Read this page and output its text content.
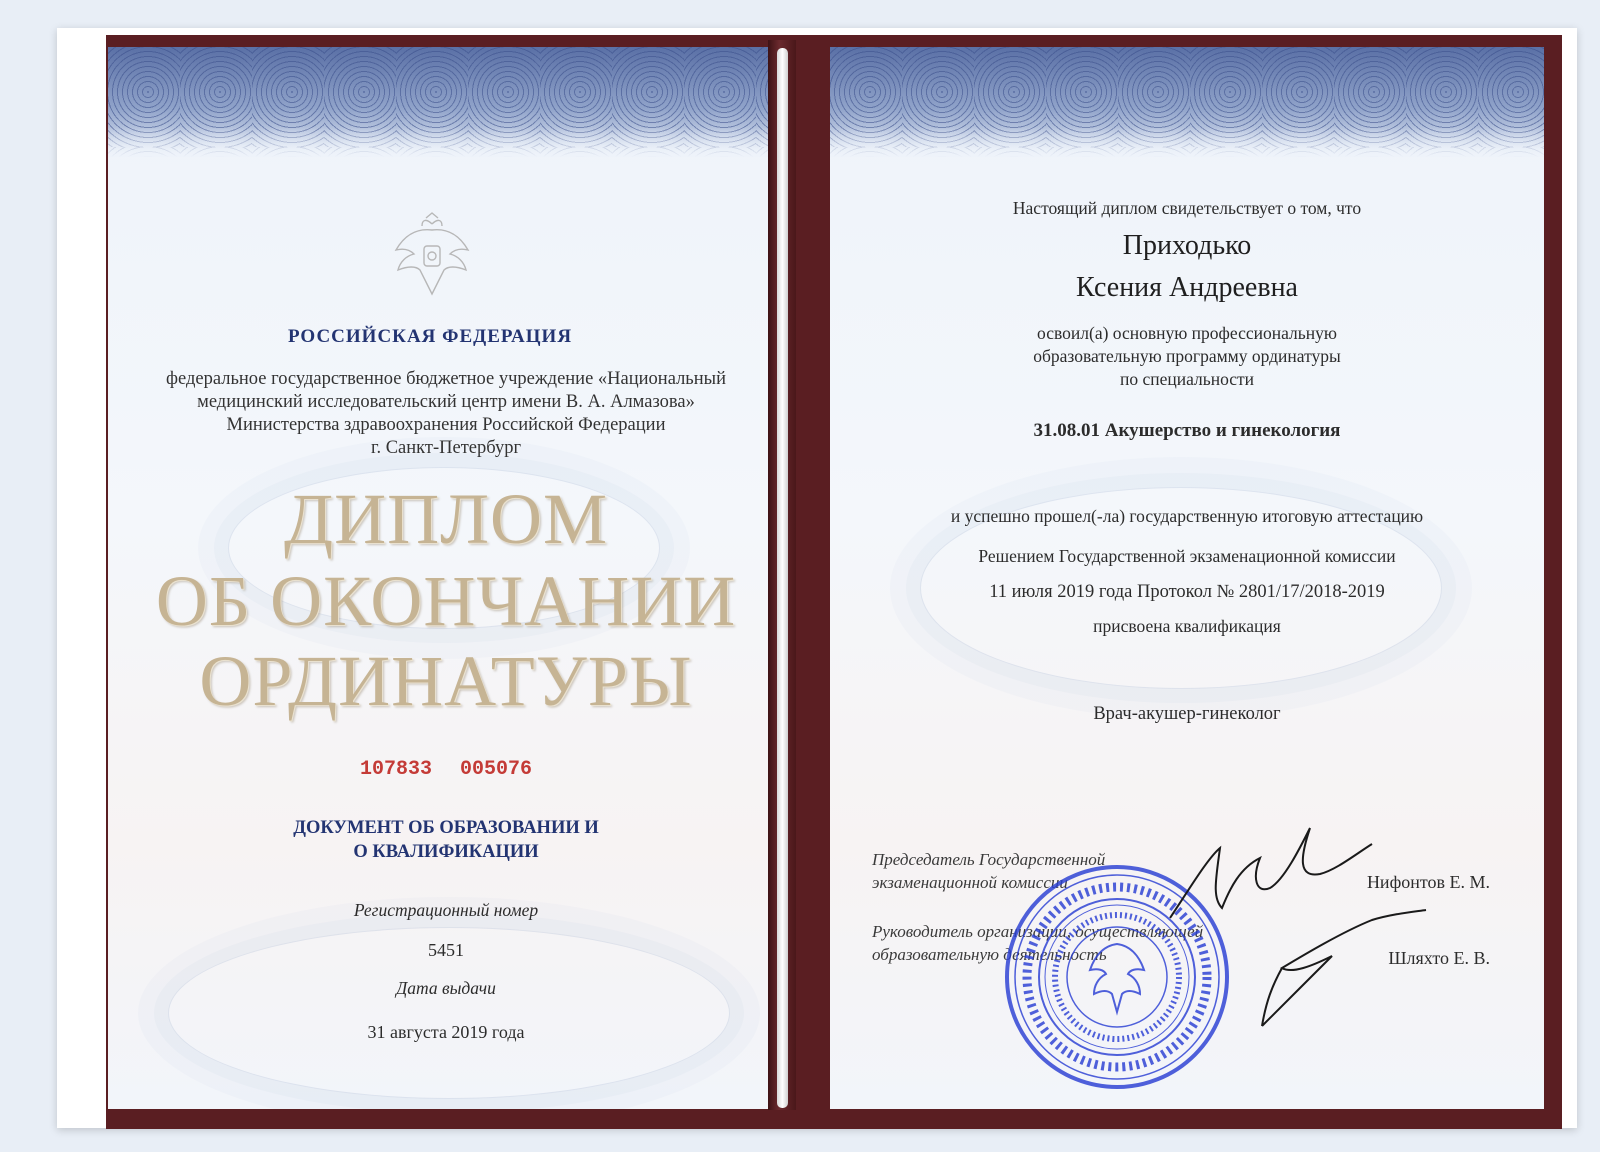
РОССИЙСКАЯ ФЕДЕРАЦИЯ
федеральное государственное бюджетное учреждение «Национальный
медицинский исследовательский центр имени В. А. Алмазова»
Министерства здравоохранения Российской Федерации
г. Санкт-Петербург
ДИПЛОМ
ОБ ОКОНЧАНИИ
ОРДИНАТУРЫ
107833 005076
ДОКУМЕНТ ОБ ОБРАЗОВАНИИ И
О КВАЛИФИКАЦИИ
Регистрационный номер
5451
Дата выдачи
31 августа 2019 года
Настоящий диплом свидетельствует о том, что
Приходько
Ксения Андреевна
освоил(а) основную профессиональную
образовательную программу ординатуры
по специальности
31.08.01 Акушерство и гинекология
и успешно прошел(-ла) государственную итоговую аттестацию
Решением Государственной экзаменационной комиссии
11 июля 2019 года Протокол № 2801/17/2018-2019
присвоена квалификация
Врач-акушер-гинеколог
Председатель Государственной
экзаменационной комиссии	Нифонтов Е. М.
Руководитель организации, осуществляющей
образовательную деятельность	Шляхто Е. В.
